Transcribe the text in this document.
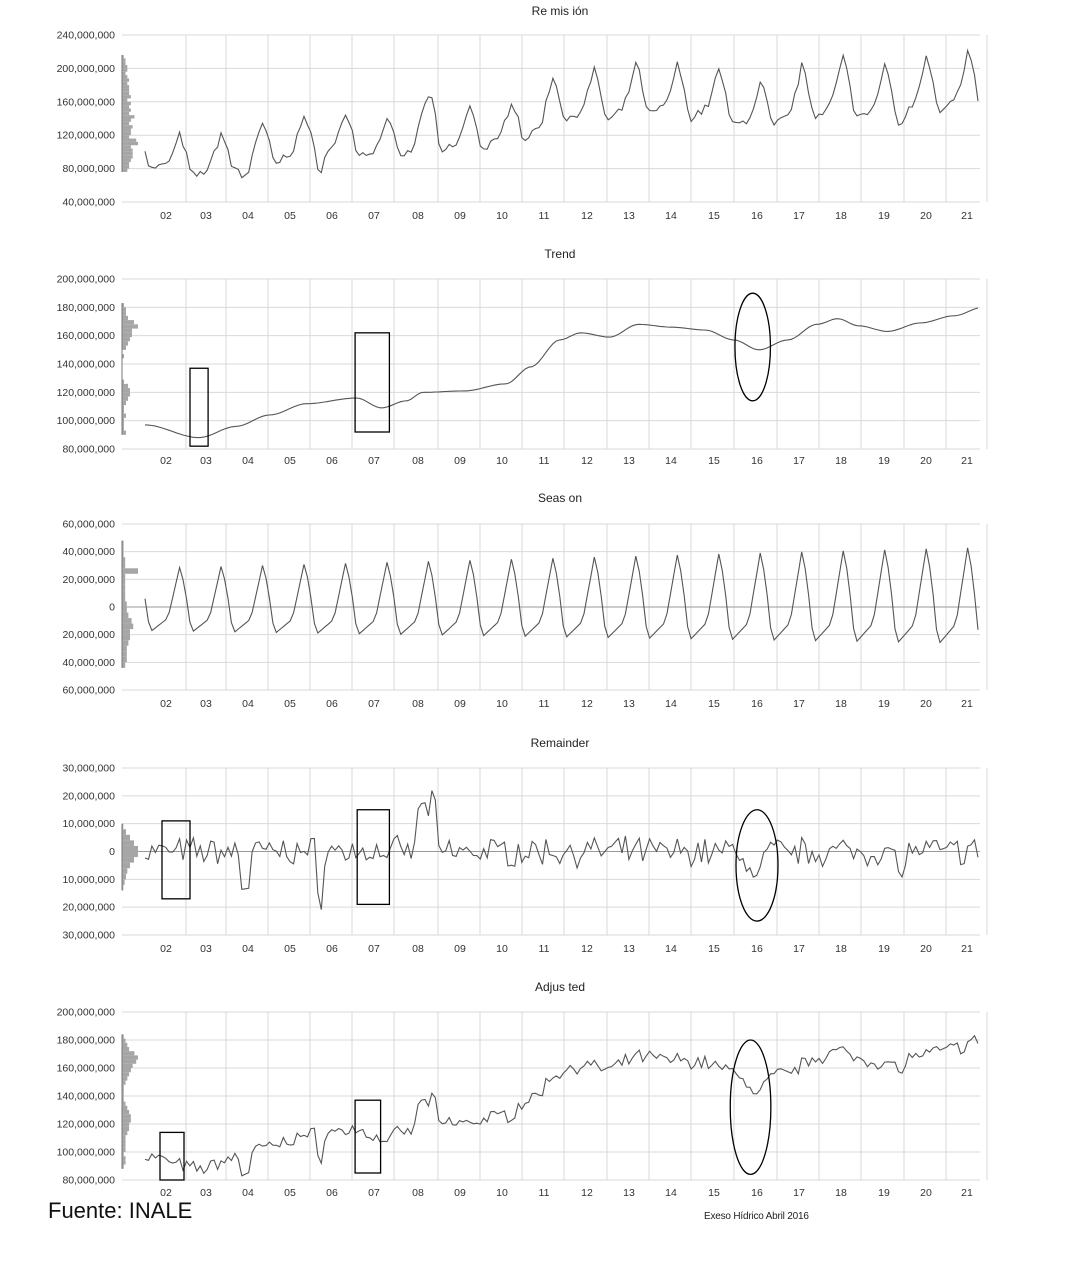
Re mis ión
40,000,000
80,000,000
120,000,000
160,000,000
200,000,000
240,000,000
02	03	04	05	06	07	08	09	10	11	12	13	14	15	16	17	18	19	20	21
Trend
80,000,000
100,000,000
120,000,000
140,000,000
160,000,000
180,000,000
200,000,000
02	03	04	05	06	07	08	09	10	11	12	13	14	15	16	17	18	19	20	21
Seas on
60,000,000
40,000,000
20,000,000
0
20,000,000
40,000,000
60,000,000
02	03	04	05	06	07	08	09	10	11	12	13	14	15	16	17	18	19	20	21
Remainder
30,000,000
20,000,000
10,000,000
0
10,000,000
20,000,000
30,000,000
02	03	04	05	06	07	08	09	10	11	12	13	14	15	16	17	18	19	20	21
Adjus ted
80,000,000
100,000,000
120,000,000
140,000,000
160,000,000
180,000,000
200,000,000
02	03	04	05	06	07	08	09	10	11	12	13	14	15	16	17	18	19	20	21
Fuente: INALE	Exeso Hídrico Abril 2016
